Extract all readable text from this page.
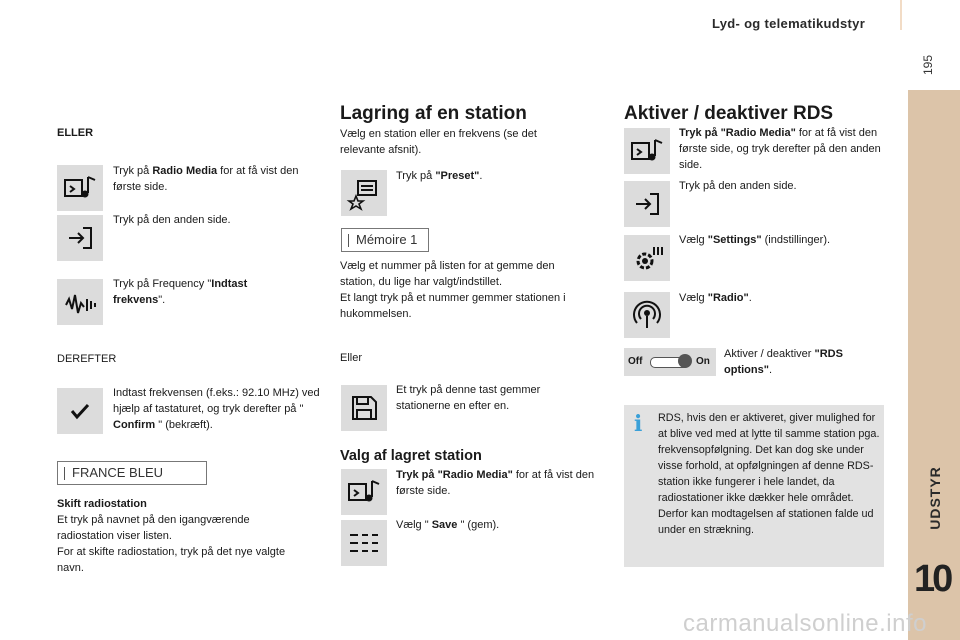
Lyd- og telematikudstyr
195
UDSTYR
10
ELLER

Tryk på Radio Media for at få vist den første side.

Tryk på den anden side.

Tryk på Frequency "Indtast frekvens".

DEREFTER

Indtast frekvensen (f.eks.: 92.10 MHz) ved hjælp af tastaturet, og tryk derefter på " Confirm " (bekræft).

FRANCE BLEU

Skift radiostation

Et tryk på navnet på den igangværende radiostation viser listen.

For at skifte radiostation, tryk på det nye valgte navn.

Lagring af en station

Vælg en station eller en frekvens (se det relevante afsnit).

Tryk på "Preset".

Mémoire 1

Vælg et nummer på listen for at gemme den station, du lige har valgt/indstillet.

Et langt tryk på et nummer gemmer stationen i hukommelsen.

Eller

Et tryk på denne tast gemmer stationerne en efter en.

Valg af lagret station

Tryk på "Radio Media" for at få vist den første side.

Vælg " Save " (gem).

Aktiver / deaktiver RDS

Tryk på "Radio Media" for at få vist den første side, og tryk derefter på den anden side.

Tryk på den anden side.

Vælg "Settings" (indstillinger).

Vælg "Radio".

Off	On

Aktiver / deaktiver "RDS options".

i RDS, hvis den er aktiveret, giver mulighed for at blive ved med at lytte til samme station pga. frekvensopfølgning. Det kan dog ske under visse forhold, at opfølgningen af denne RDS-station ikke fungerer i hele landet, da radiostationer ikke dækker hele området. Derfor kan modtagelsen af stationen falde ud under en strækning.

carmanualsonline.info
